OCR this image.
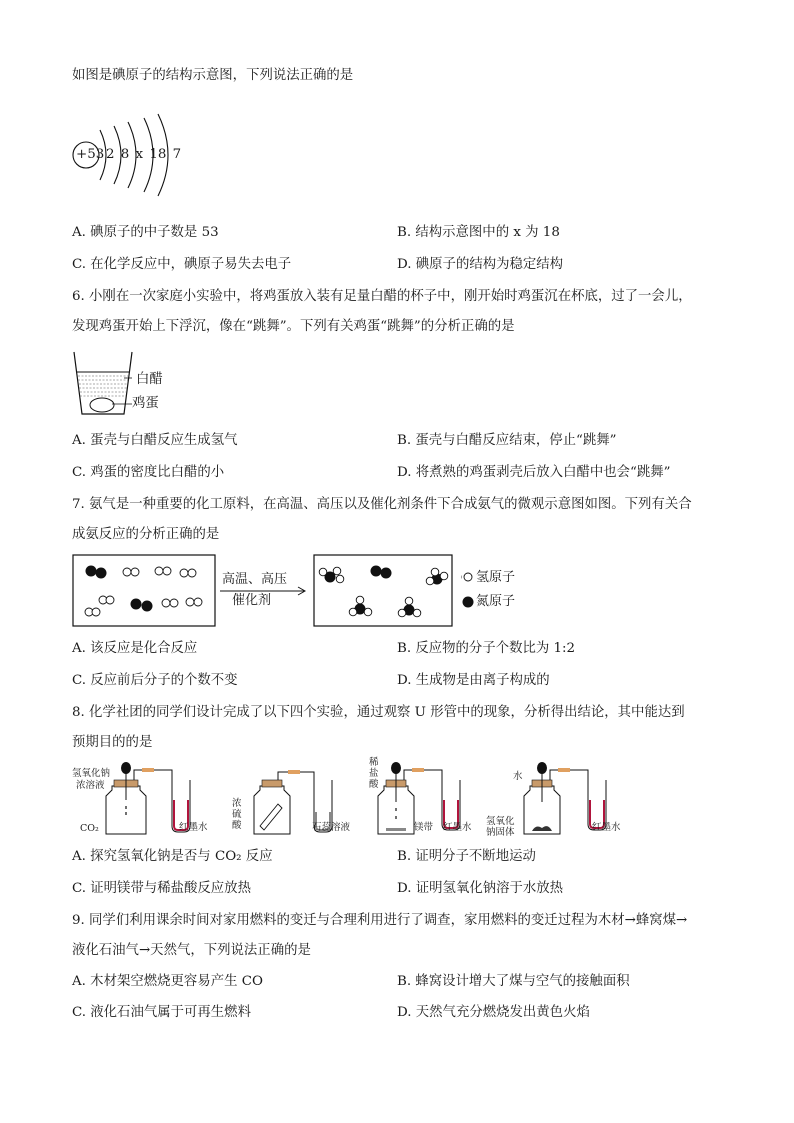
如图是碘原子的结构示意图，下列说法正确的是
+53 2 8 x 18 7
A. 碘原子的中子数是 53	B. 结构示意图中的 x 为 18
C. 在化学反应中，碘原子易失去电子	D. 碘原子的结构为稳定结构
6. 小刚在一次家庭小实验中，将鸡蛋放入装有足量白醋的杯子中，刚开始时鸡蛋沉在杯底，过了一会儿，
发现鸡蛋开始上下浮沉，像在“跳舞”。下列有关鸡蛋“跳舞”的分析正确的是
白醋
鸡蛋
A. 蛋壳与白醋反应生成氢气	B. 蛋壳与白醋反应结束，停止“跳舞”
C. 鸡蛋的密度比白醋的小	D. 将煮熟的鸡蛋剥壳后放入白醋中也会“跳舞”
7. 氨气是一种重要的化工原料，在高温、高压以及催化剂条件下合成氨气的微观示意图如图。下列有关合
成氨反应的分析正确的是
高温、高压
催化剂
氢原子
氮原子
A. 该反应是化合反应	B. 反应物的分子个数比为 1:2
C. 反应前后分子的个数不变	D. 生成物是由离子构成的
8. 化学社团的同学们设计完成了以下四个实验，通过观察 U 形管中的现象，分析得出结论，其中能达到
预期目的的是
氢氧化钠
浓溶液
CO₂	红墨水
浓
硫
酸	石蕊溶液
稀
盐
酸
镁带 红墨水
水
氢氧化
钠固体	红墨水
A. 探究氢氧化钠是否与 CO₂ 反应	B. 证明分子不断地运动
C. 证明镁带与稀盐酸反应放热	D. 证明氢氧化钠溶于水放热
9. 同学们利用课余时间对家用燃料的变迁与合理利用进行了调查，家用燃料的变迁过程为木材→蜂窝煤→
液化石油气→天然气，下列说法正确的是
A. 木材架空燃烧更容易产生 CO	B. 蜂窝设计增大了煤与空气的接触面积
C. 液化石油气属于可再生燃料	D. 天然气充分燃烧发出黄色火焰
